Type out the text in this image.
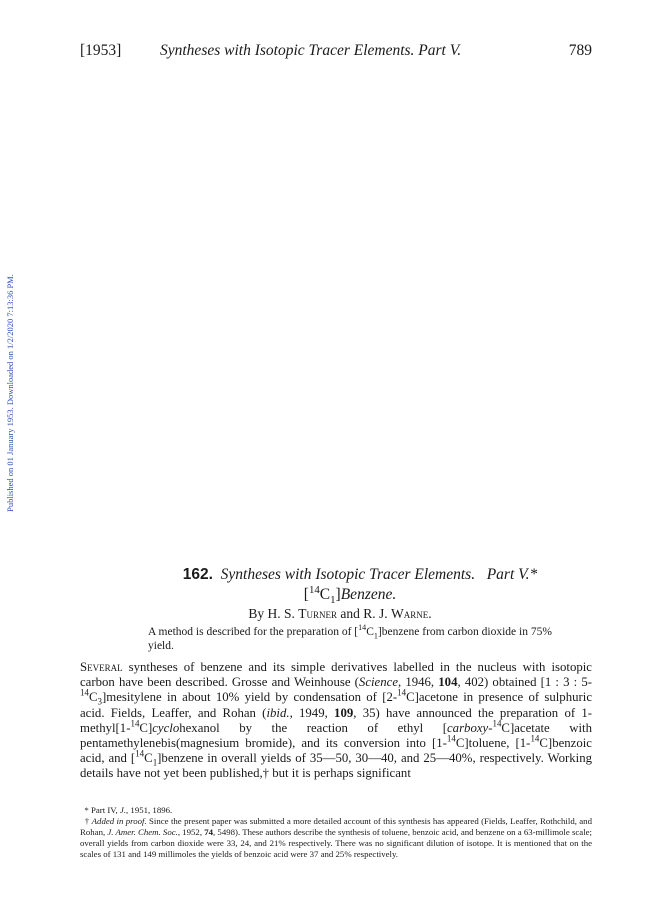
Published on 01 January 1953. Downloaded on 1/2/2020 7:13:36 PM.
[1953] Syntheses with Isotopic Tracer Elements. Part V.	789
162. Syntheses with Isotopic Tracer Elements. Part V.*
$[^{14}C_1]Benzene$.
By H. S. Turner and R. J. Warne.

A method is described for the preparation of $[^{14}C_1]benzene$ from carbon dioxide in 75% yield.

Several syntheses of benzene and its simple derivatives labelled in the nucleus with isotopic carbon have been described. Grosse and Weinhouse (Science, 1946, 104, 402) obtained [1 : 3 : $5-^{14}C_3]mesitylene$ in about 10% yield by condensation of [2-$^{14}$C]acetone in presence of sulphuric acid. Fields, Leaffer, and Rohan (ibid., 1949, 109, 35) have announced the preparation of 1-methyl[1-$^{14}$C]cyclohexanol by the reaction of ethyl [carboxy-$^{14}$C]acetate with pentamethylenebis(magnesium bromide), and its conversion into [1-$^{14}$C]toluene, [1-$^{14}$C]benzoic acid, and $[^{14}C_1]benzene$ in overall yields of 35—50, 30—40, and 25—40%, respectively. Working details have not yet been published,† but it is perhaps significant

* Part IV, J., 1951, 1896.

† Added in proof. Since the present paper was submitted a more detailed account of this synthesis has appeared (Fields, Leaffer, Rothchild, and Rohan, J. Amer. Chem. Soc., 1952, 74, 5498). These authors describe the synthesis of toluene, benzoic acid, and benzene on a 63-millimole scale; overall yields from carbon dioxide were 33, 24, and 21% respectively. There was no significant dilution of isotope. It is mentioned that on the scales of 131 and 149 millimoles the yields of benzoic acid were 37 and 25% respectively.
